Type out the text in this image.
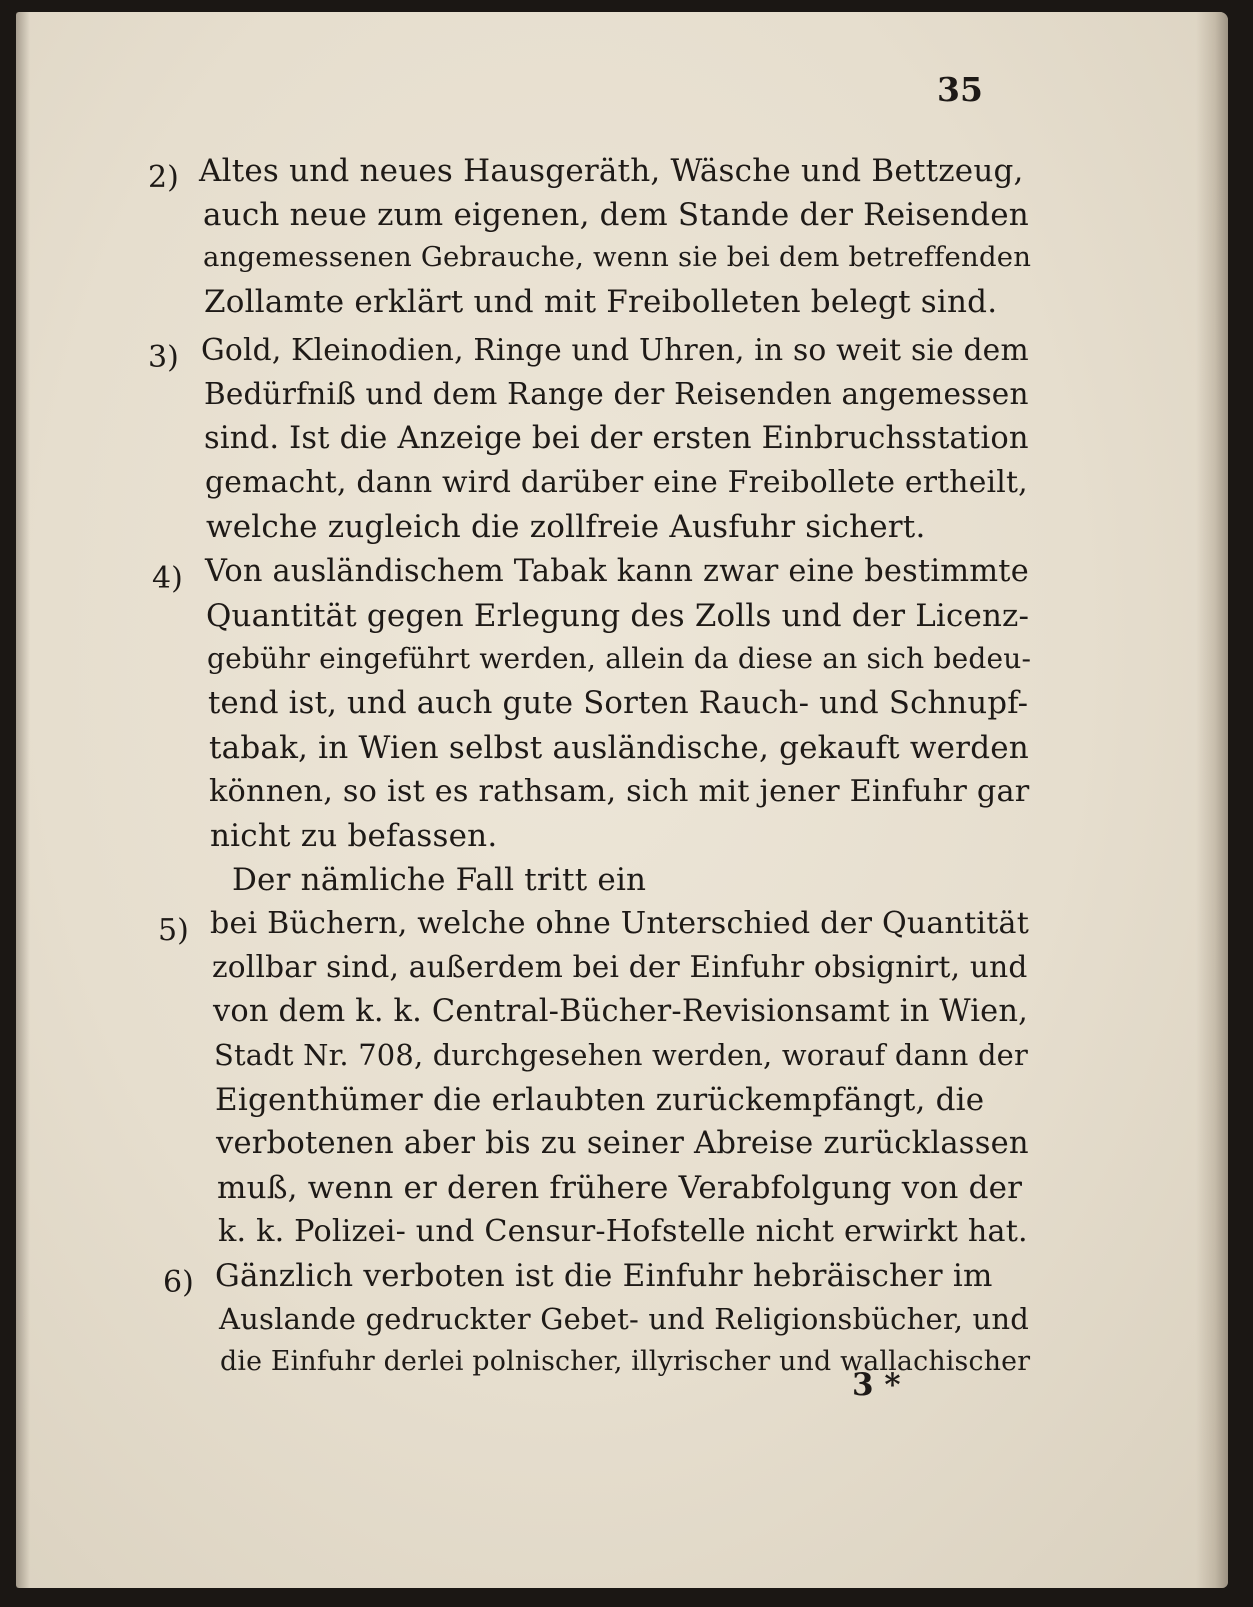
35
2) Altes und neues Hausgeräth, Wäsche und Bettzeug,
auch neue zum eigenen, dem Stande der Reisenden
angemessenen Gebrauche, wenn sie bei dem betreffenden
Zollamte erklärt und mit Freibolleten belegt sind.
3) Gold, Kleinodien, Ringe und Uhren, in so weit sie dem
Bedürfniß und dem Range der Reisenden angemessen
sind. Ist die Anzeige bei der ersten Einbruchsstation
gemacht, dann wird darüber eine Freibollete ertheilt,
welche zugleich die zollfreie Ausfuhr sichert.
4) Von ausländischem Tabak kann zwar eine bestimmte
Quantität gegen Erlegung des Zolls und der Licenz-
gebühr eingeführt werden, allein da diese an sich bedeu-
tend ist, und auch gute Sorten Rauch- und Schnupf-
tabak, in Wien selbst ausländische, gekauft werden
können, so ist es rathsam, sich mit jener Einfuhr gar
nicht zu befassen.
Der nämliche Fall tritt ein
5) bei Büchern, welche ohne Unterschied der Quantität
zollbar sind, außerdem bei der Einfuhr obsignirt, und
von dem k. k. Central-Bücher-Revisionsamt in Wien,
Stadt Nr. 708, durchgesehen werden, worauf dann der
Eigenthümer die erlaubten zurückempfängt, die
verbotenen aber bis zu seiner Abreise zurücklassen
muß, wenn er deren frühere Verabfolgung von der
k. k. Polizei- und Censur-Hofstelle nicht erwirkt hat.
6) Gänzlich verboten ist die Einfuhr hebräischer im
Auslande gedruckter Gebet- und Religionsbücher, und
die Einfuhr derlei polnischer, illyrischer und wallachischer
3 *
